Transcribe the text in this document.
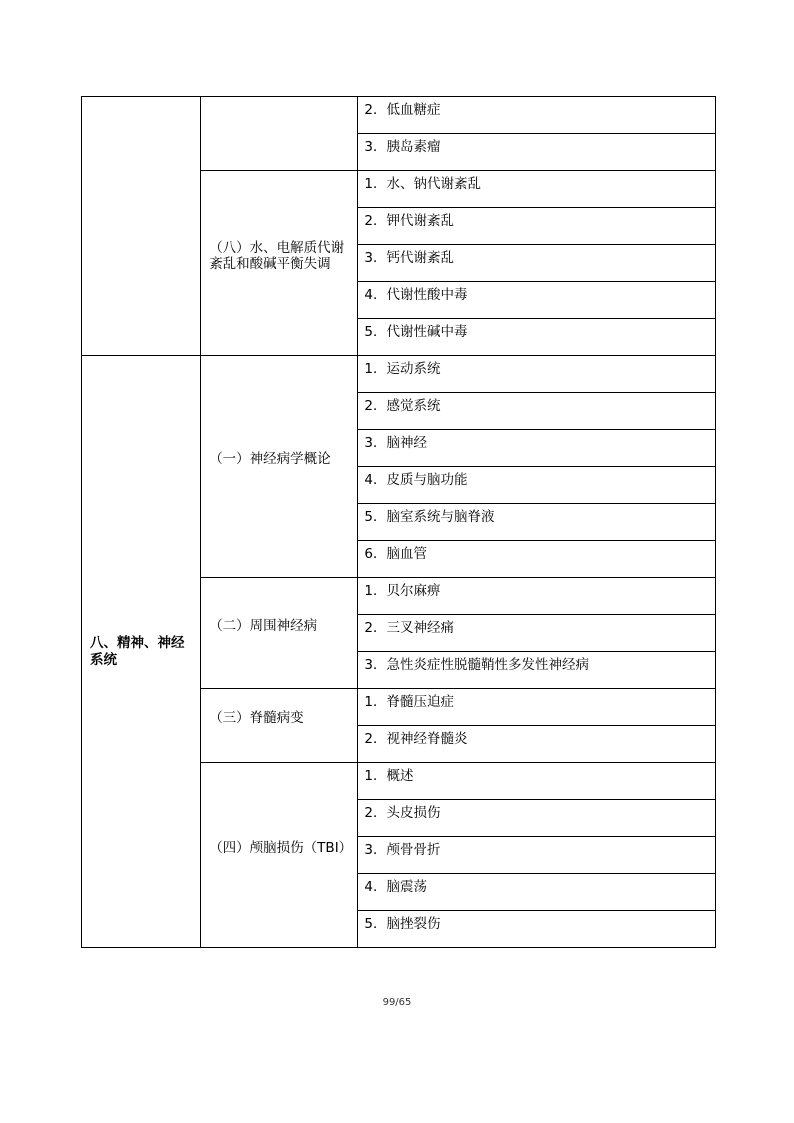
		2．低血糖症
		3．胰岛素瘤
	（八）水、电解质代谢 紊乱和酸碱平衡失调	1．水、钠代谢紊乱
		2．钾代谢紊乱
		3．钙代谢紊乱
		4．代谢性酸中毒
		5．代谢性碱中毒
八、精神、神经系统	（一）神经病学概论	1．运动系统
		2．感觉系统
		3．脑神经
		4．皮质与脑功能
		5．脑室系统与脑脊液
		6．脑血管
	（二）周围神经病	1．贝尔麻痹
		2．三叉神经痛
		3．急性炎症性脱髓鞘性多发性神经病
	（三）脊髓病变	1．脊髓压迫症
		2．视神经脊髓炎
	（四）颅脑损伤（TBI）	1．概述
		2．头皮损伤
		3．颅骨骨折
		4．脑震荡
		5．脑挫裂伤
99/65
